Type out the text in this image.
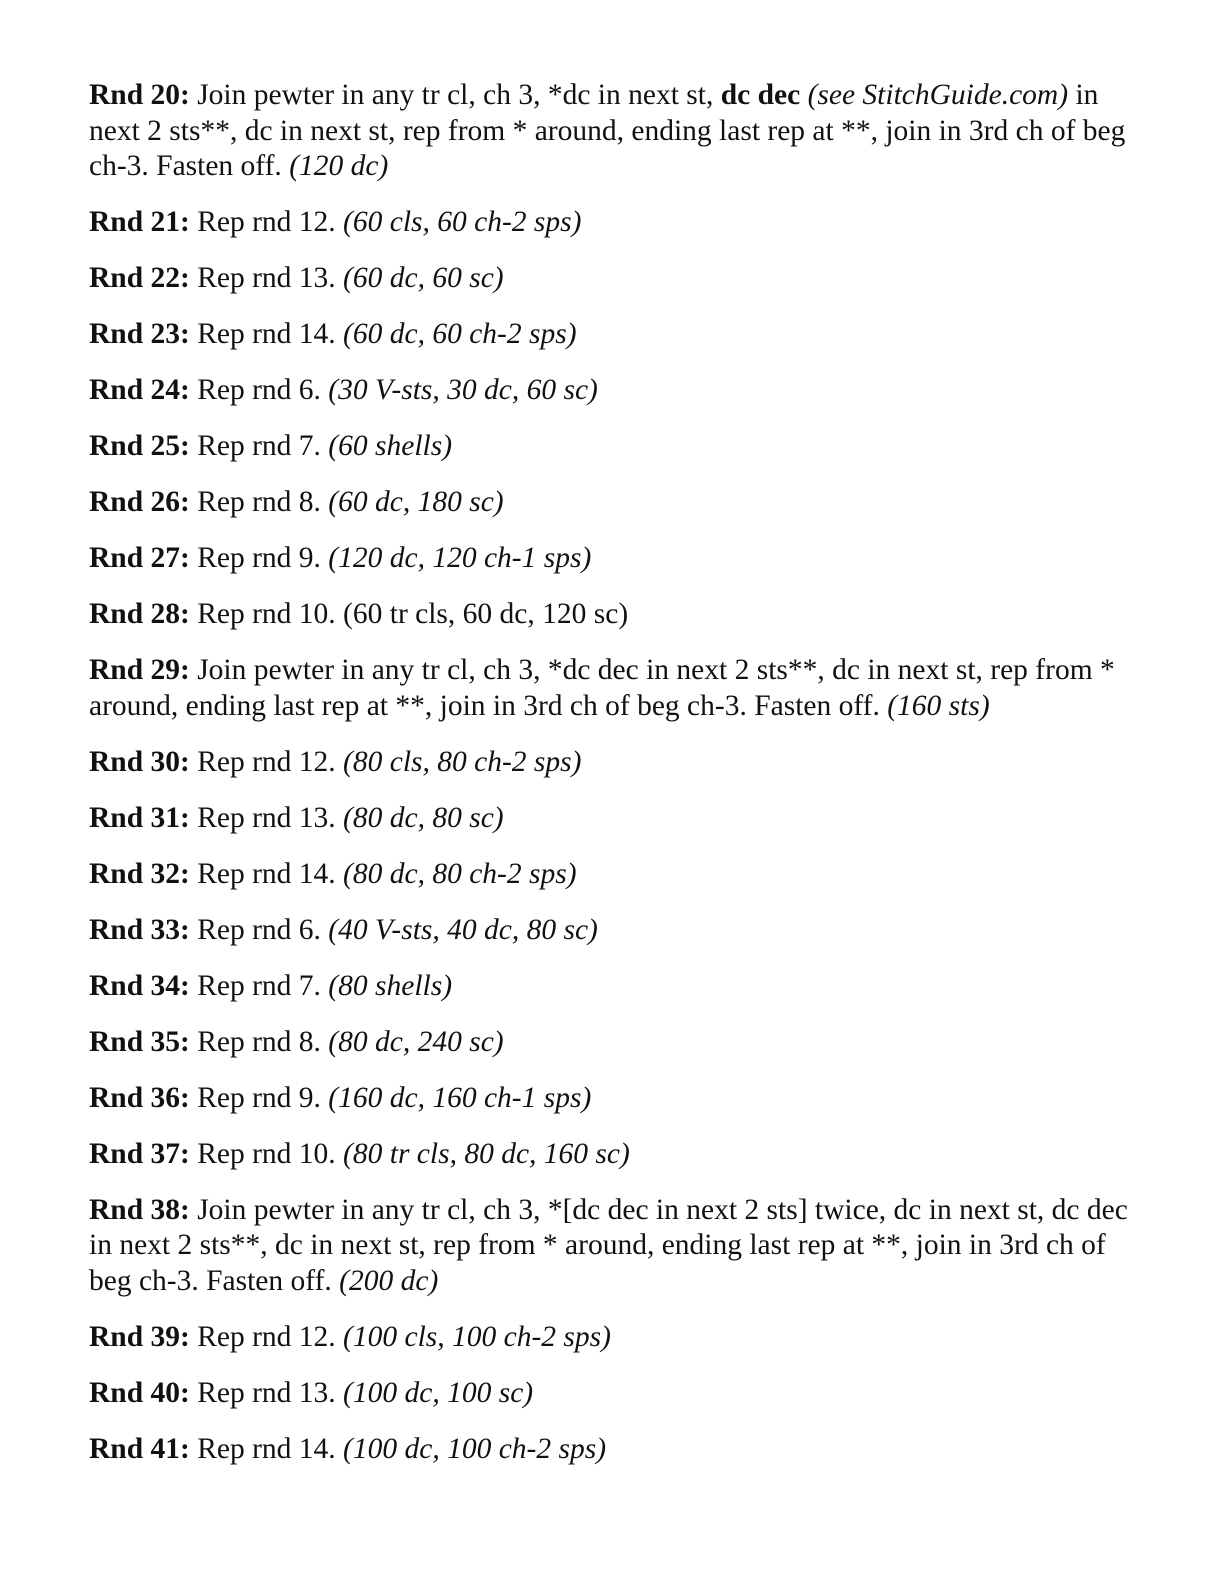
Rnd 20: Join pewter in any tr cl, ch 3, *dc in next st, dc dec (see StitchGuide.com) in next 2 sts**, dc in next st, rep from * around, ending last rep at **, join in 3rd ch of beg ch-3. Fasten off. (120 dc)

Rnd 21: Rep rnd 12. (60 cls, 60 ch-2 sps)

Rnd 22: Rep rnd 13. (60 dc, 60 sc)

Rnd 23: Rep rnd 14. (60 dc, 60 ch-2 sps)

Rnd 24: Rep rnd 6. (30 V-sts, 30 dc, 60 sc)

Rnd 25: Rep rnd 7. (60 shells)

Rnd 26: Rep rnd 8. (60 dc, 180 sc)

Rnd 27: Rep rnd 9. (120 dc, 120 ch-1 sps)

Rnd 28: Rep rnd 10. (60 tr cls, 60 dc, 120 sc)

Rnd 29: Join pewter in any tr cl, ch 3, *dc dec in next 2 sts**, dc in next st, rep from * around, ending last rep at **, join in 3rd ch of beg ch-3. Fasten off. (160 sts)

Rnd 30: Rep rnd 12. (80 cls, 80 ch-2 sps)

Rnd 31: Rep rnd 13. (80 dc, 80 sc)

Rnd 32: Rep rnd 14. (80 dc, 80 ch-2 sps)

Rnd 33: Rep rnd 6. (40 V-sts, 40 dc, 80 sc)

Rnd 34: Rep rnd 7. (80 shells)

Rnd 35: Rep rnd 8. (80 dc, 240 sc)

Rnd 36: Rep rnd 9. (160 dc, 160 ch-1 sps)

Rnd 37: Rep rnd 10. (80 tr cls, 80 dc, 160 sc)

Rnd 38: Join pewter in any tr cl, ch 3, *[dc dec in next 2 sts] twice, dc in next st, dc dec in next 2 sts**, dc in next st, rep from * around, ending last rep at **, join in 3rd ch of beg ch-3. Fasten off. (200 dc)

Rnd 39: Rep rnd 12. (100 cls, 100 ch-2 sps)

Rnd 40: Rep rnd 13. (100 dc, 100 sc)

Rnd 41: Rep rnd 14. (100 dc, 100 ch-2 sps)
